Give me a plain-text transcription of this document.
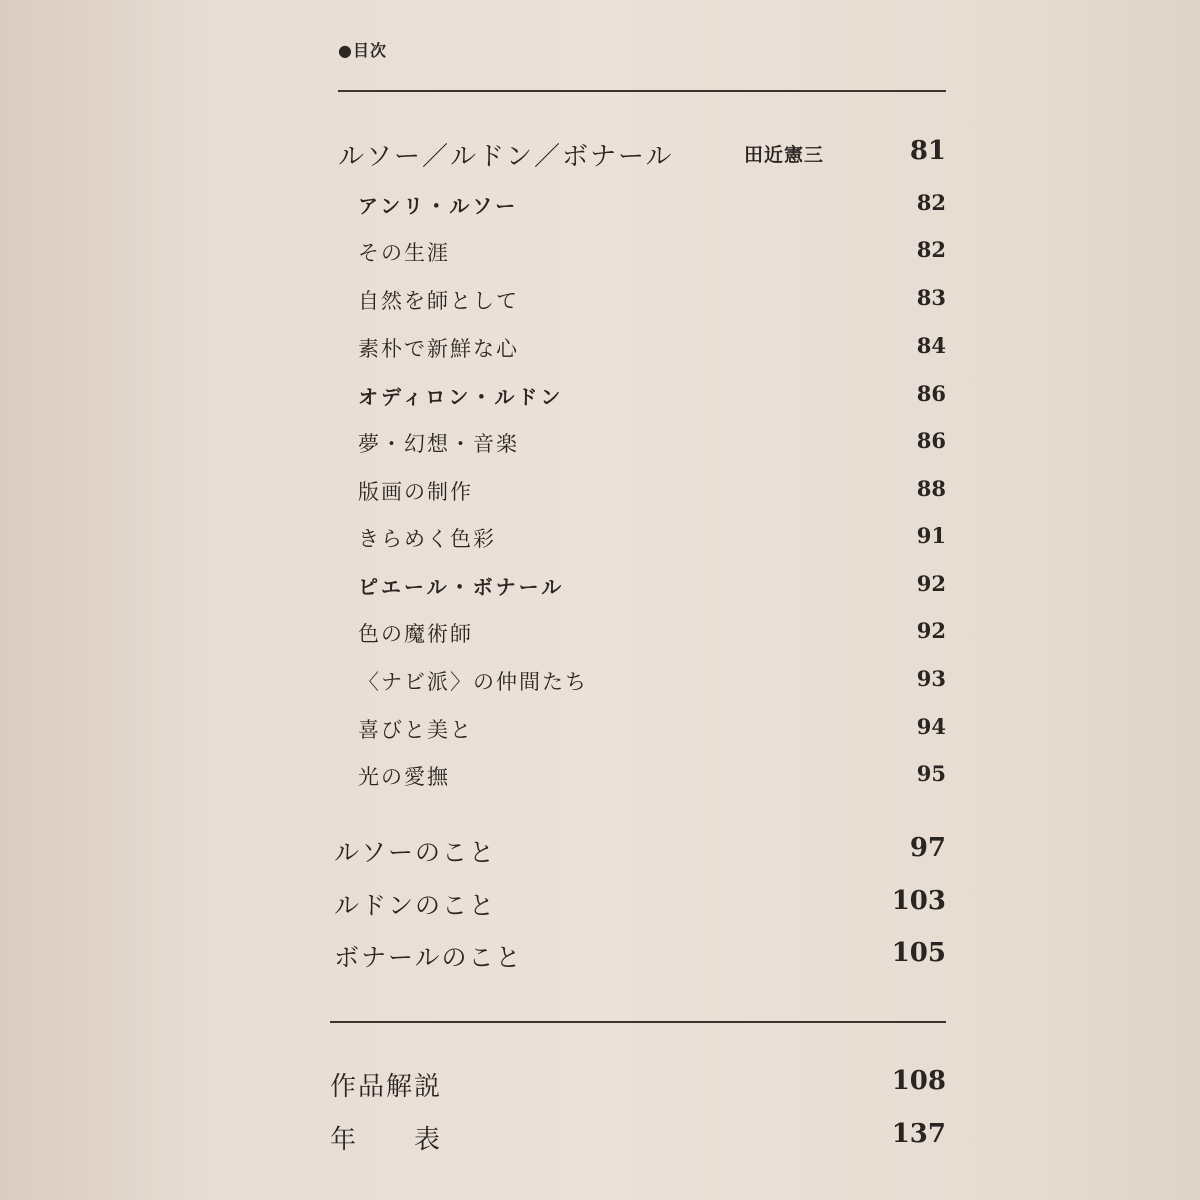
●目次
ルソー／ルドン／ボナール	田近憲三	81
アンリ・ルソー	82
その生涯	82
自然を師として	83
素朴で新鮮な心	84
オディロン・ルドン	86
夢・幻想・音楽	86
版画の制作	88
きらめく色彩	91
ピエール・ボナール	92
色の魔術師	92
〈ナビ派〉の仲間たち	93
喜びと美と	94
光の愛撫	95
ルソーのこと	97
ルドンのこと	103
ボナールのこと	105
作品解説	108
年　　表	137
